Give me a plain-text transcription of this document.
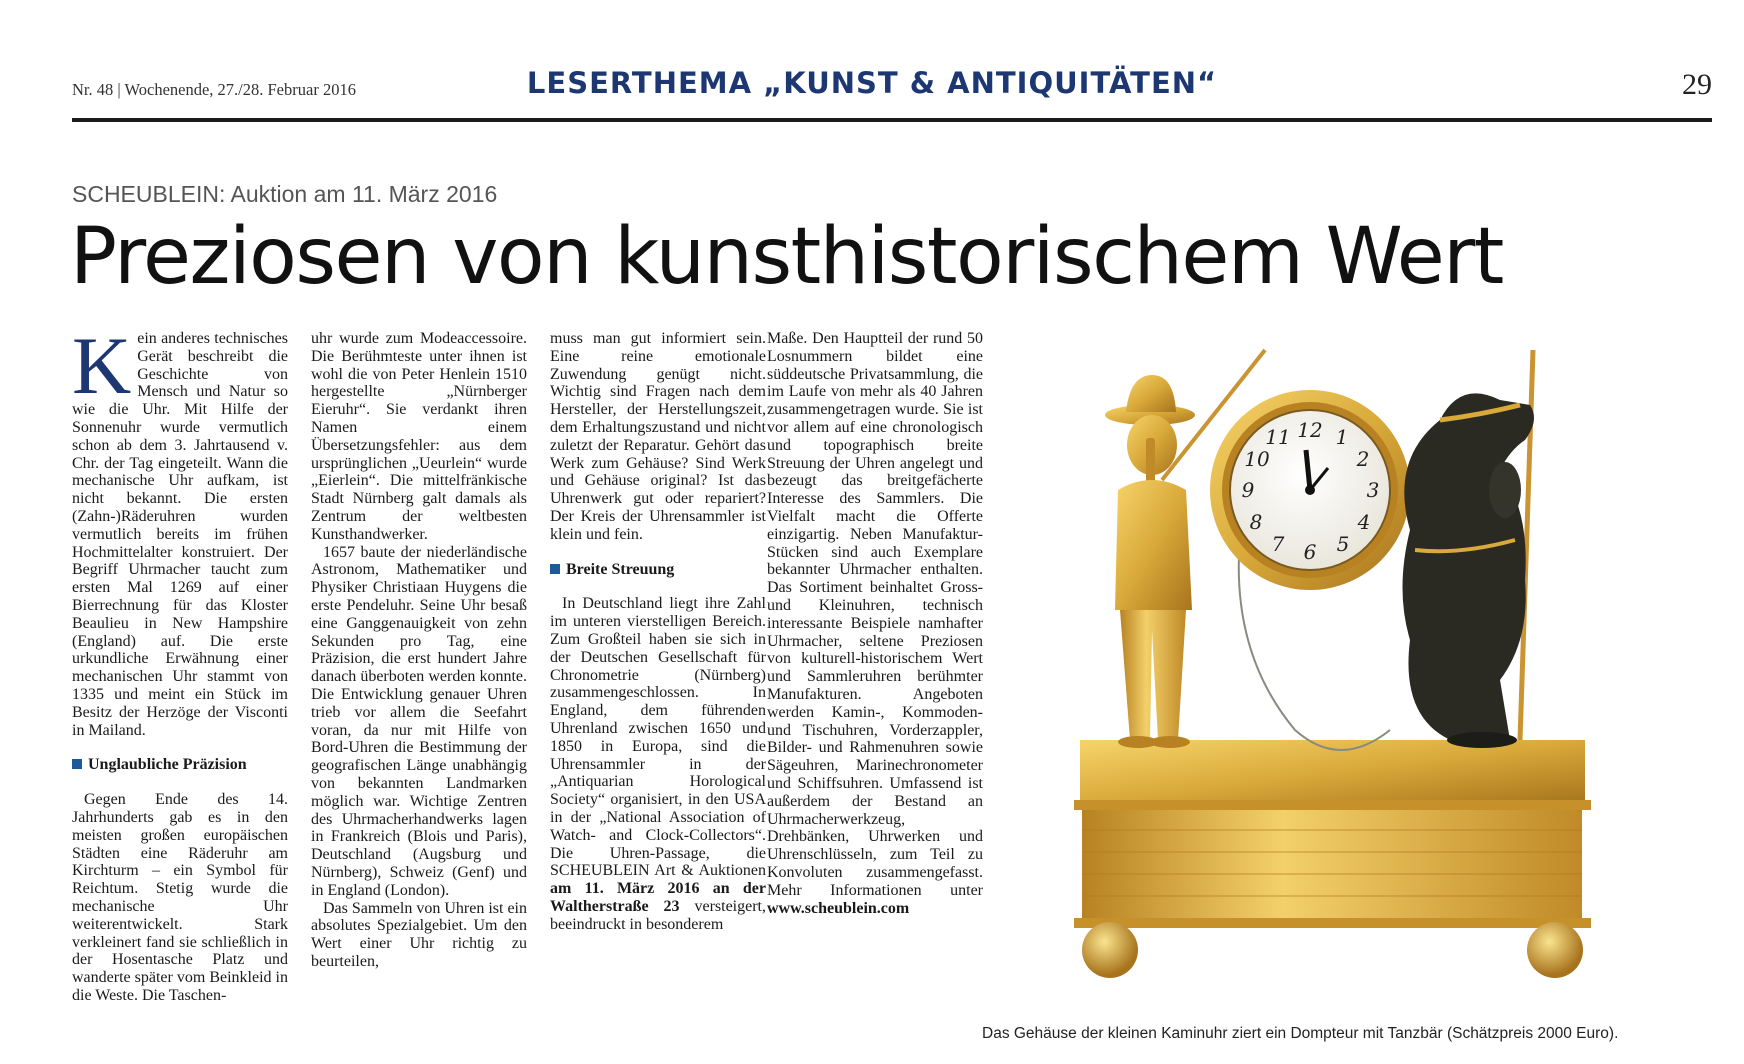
Nr. 48 | Wochenende, 27./28. Februar 2016	LESERTHEMA „KUNST & ANTIQUITÄTEN“	29
SCHEUBLEIN: Auktion am 11. März 2016
Preziosen von kunsthistorischem Wert
K ein anderes technisches Gerät beschreibt die Geschichte von Mensch und Natur so wie die Uhr. Mit Hilfe der Sonnenuhr wurde vermutlich schon ab dem 3. Jahrtausend v. Chr. der Tag eingeteilt. Wann die mechanische Uhr aufkam, ist nicht bekannt. Die ersten (Zahn-)Räderuhren wurden vermutlich bereits im frühen Hochmittelalter konstruiert. Der Begriff Uhrmacher taucht zum ersten Mal 1269 auf einer Bierrechnung für das Kloster Beaulieu in New Hampshire (England) auf. Die erste urkundliche Erwähnung einer mechanischen Uhr stammt von 1335 und meint ein Stück im Besitz der Herzöge der Visconti in Mailand.

Unglaubliche Präzision

Gegen Ende des 14. Jahrhunderts gab es in den meisten großen europäischen Städten eine Räderuhr am Kirchturm – ein Symbol für Reichtum. Stetig wurde die mechanische Uhr weiterentwickelt. Stark verkleinert fand sie schließlich in der Hosentasche Platz und wanderte später vom Beinkleid in die Weste. Die Taschen-

uhr wurde zum Modeaccessoire. Die Berühmteste unter ihnen ist wohl die von Peter Henlein 1510 hergestellte „Nürnberger Eieruhr“. Sie verdankt ihren Namen einem Übersetzungsfehler: aus dem ursprünglichen „Ueurlein“ wurde „Eierlein“. Die mittelfränkische Stadt Nürnberg galt damals als Zentrum der weltbesten Kunsthandwerker.

1657 baute der niederländische Astronom, Mathematiker und Physiker Christiaan Huygens die erste Pendeluhr. Seine Uhr besaß eine Ganggenauigkeit von zehn Sekunden pro Tag, eine Präzision, die erst hundert Jahre danach überboten werden konnte. Die Entwicklung genauer Uhren trieb vor allem die Seefahrt voran, da nur mit Hilfe von Bord-Uhren die Bestimmung der geografischen Länge unabhängig von bekannten Landmarken möglich war. Wichtige Zentren des Uhrmacherhandwerks lagen in Frankreich (Blois und Paris), Deutschland (Augsburg und Nürnberg), Schweiz (Genf) und in England (London).

Das Sammeln von Uhren ist ein absolutes Spezialgebiet. Um den Wert einer Uhr richtig zu beurteilen,

muss man gut informiert sein. Eine reine emotionale Zuwendung genügt nicht. Wichtig sind Fragen nach dem Hersteller, der Herstellungszeit, dem Erhaltungszustand und nicht zuletzt der Reparatur. Gehört das Werk zum Gehäuse? Sind Werk und Gehäuse original? Ist das Uhrenwerk gut oder repariert? Der Kreis der Uhrensammler ist klein und fein.

Breite Streuung

In Deutschland liegt ihre Zahl im unteren vierstelligen Bereich. Zum Großteil haben sie sich in der Deutschen Gesellschaft für Chronometrie (Nürnberg) zusammengeschlossen. In England, dem führenden Uhrenland zwischen 1650 und 1850 in Europa, sind die Uhrensammler in der „Antiquarian Horological Society“ organisiert, in den USA in der „National Association of Watch- and Clock-Collectors“. Die Uhren-Passage, die SCHEUBLEIN Art & Auktionen am 11. März 2016 an der Waltherstraße 23 versteigert, beeindruckt in besonderem

Maße. Den Hauptteil der rund 50 Losnummern bildet eine süddeutsche Privatsammlung, die im Laufe von mehr als 40 Jahren zusammengetragen wurde. Sie ist vor allem auf eine chronologisch und topographisch breite Streuung der Uhren angelegt und bezeugt das breitgefächerte Interesse des Sammlers. Die Vielfalt macht die Offerte einzigartig. Neben Manufaktur-Stücken sind auch Exemplare bekannter Uhrmacher enthalten. Das Sortiment beinhaltet Gross- und Kleinuhren, technisch interessante Beispiele namhafter Uhrmacher, seltene Preziosen von kulturell-historischem Wert und Sammleruhren berühmter Manufakturen. Angeboten werden Kamin-, Kommoden- und Tischuhren, Vorderzappler, Bilder- und Rahmenuhren sowie Sägeuhren, Marinechronometer und Schiffsuhren. Umfassend ist außerdem der Bestand an Uhrmacherwerkzeug, Drehbänken, Uhrwerken und Uhrenschlüsseln, zum Teil zu Konvoluten zusammengefasst. Mehr Informationen unter www.scheublein.com

12 1
2
3
4
5
6
7
8
9
10
11
Das Gehäuse der kleinen Kaminuhr ziert ein Dompteur mit Tanzbär (Schätzpreis 2000 Euro).
